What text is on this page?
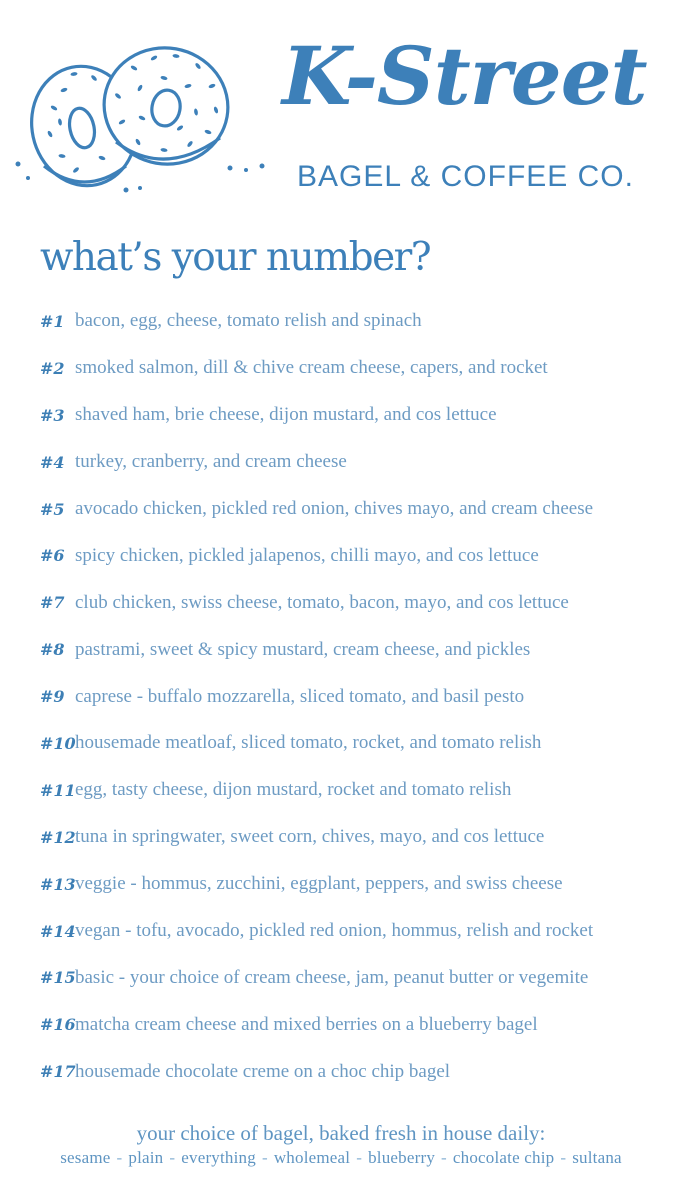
K-Street
BAGEL & COFFEE CO.
what’s your number?
#1 bacon, egg, cheese, tomato relish and spinach
#2 smoked salmon, dill & chive cream cheese, capers, and rocket
#3 shaved ham, brie cheese, dijon mustard, and cos lettuce
#4 turkey, cranberry, and cream cheese
#5 avocado chicken, pickled red onion, chives mayo, and cream cheese
#6 spicy chicken, pickled jalapenos, chilli mayo, and cos lettuce
#7 club chicken, swiss cheese, tomato, bacon, mayo, and cos lettuce
#8 pastrami, sweet & spicy mustard, cream cheese, and pickles
#9 caprese - buffalo mozzarella, sliced tomato, and basil pesto
#10 housemade meatloaf, sliced tomato, rocket, and tomato relish
#11 egg, tasty cheese, dijon mustard, rocket and tomato relish
#12 tuna in springwater, sweet corn, chives, mayo, and cos lettuce
#13 veggie - hommus, zucchini, eggplant, peppers, and swiss cheese
#14 vegan - tofu, avocado, pickled red onion, hommus, relish and rocket
#15 basic - your choice of cream cheese, jam, peanut butter or vegemite
#16 matcha cream cheese and mixed berries on a blueberry bagel
#17 housemade chocolate creme on a choc chip bagel
your choice of bagel, baked fresh in house daily:
sesame - plain - everything - wholemeal - blueberry - chocolate chip - sultana
